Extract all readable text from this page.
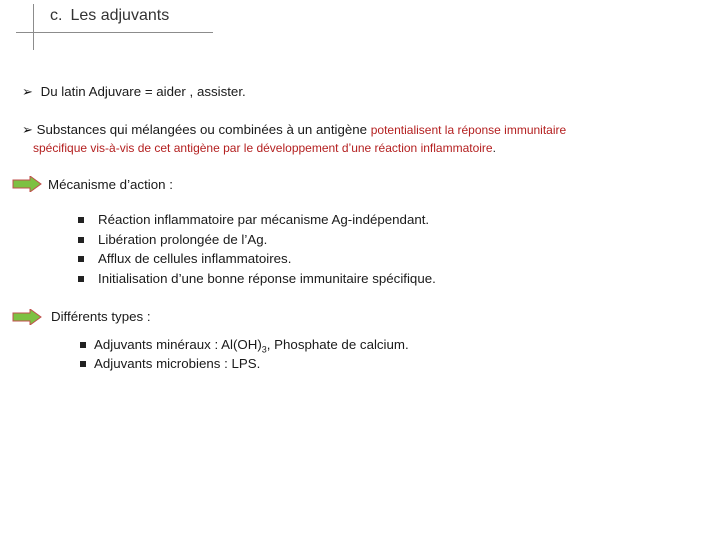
c. Les adjuvants
➢ Du latin Adjuvare = aider , assister.
➢ Substances qui mélangées ou combinées à un antigène potentialisent la réponse immunitaire
spécifique vis-à-vis de cet antigène par le développement d’une réaction inflammatoire.
Mécanisme d’action :
Réaction inflammatoire par mécanisme Ag-indépendant.
Libération prolongée de l’Ag.
Afflux de cellules inflammatoires.
Initialisation d’une bonne réponse immunitaire spécifique.
Différents types :
Adjuvants minéraux : $Al(OH)_3$, Phosphate de calcium.
Adjuvants microbiens : LPS.
